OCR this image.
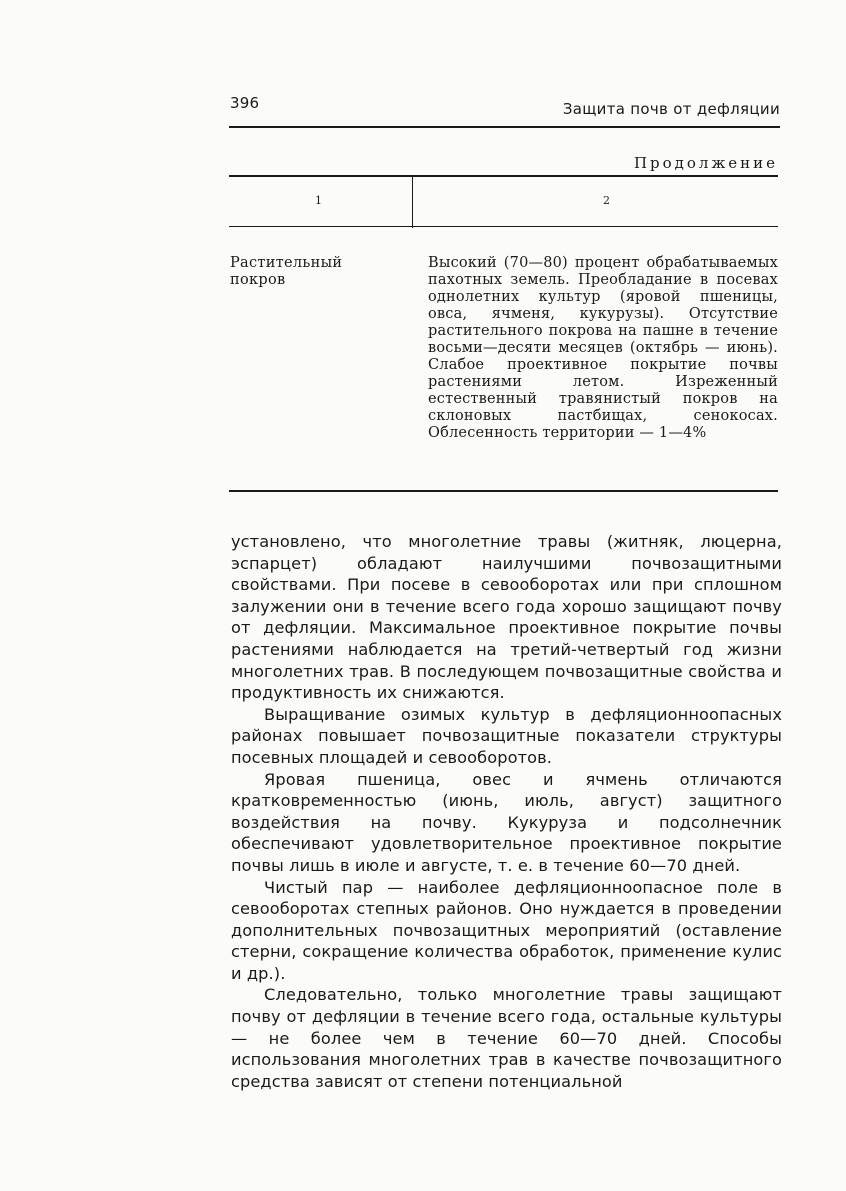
396	Защита почв от дефляции
Продолжение
1	2
Растительный покров
Высокий (70—80) процент обрабатываемых пахотных земель. Преобладание в посевах однолетних культур (яровой пшеницы, овса, ячменя, кукурузы). Отсутствие растительного покрова на пашне в течение восьми—десяти месяцев (октябрь — июнь). Слабое проективное покрытие почвы растениями летом. Изреженный естественный травянистый покров на склоновых пастбищах, сенокосах. Облесенность территории — 1—4%

установлено, что многолетние травы (житняк, люцерна, эспарцет) обладают наилучшими почвозащитными свойствами. При посеве в севооборотах или при сплошном залужении они в течение всего года хорошо защищают почву от дефляции. Максимальное проективное покрытие почвы растениями наблюдается на третий-четвертый год жизни многолетних трав. В последующем почвозащитные свойства и продуктивность их снижаются.

Выращивание озимых культур в дефляционноопасных районах повышает почвозащитные показатели структуры посевных площадей и севооборотов.

Яровая пшеница, овес и ячмень отличаются кратковременностью (июнь, июль, август) защитного воздействия на почву. Кукуруза и подсолнечник обеспечивают удовлетворительное проективное покрытие почвы лишь в июле и августе, т. е. в течение 60—70 дней.

Чистый пар — наиболее дефляционноопасное поле в севооборотах степных районов. Оно нуждается в проведении дополнительных почвозащитных мероприятий (оставление стерни, сокращение количества обработок, применение кулис и др.).

Следовательно, только многолетние травы защищают почву от дефляции в течение всего года, остальные культуры — не более чем в течение 60—70 дней. Способы использования многолетних трав в качестве почвозащитного средства зависят от степени потенциальной
